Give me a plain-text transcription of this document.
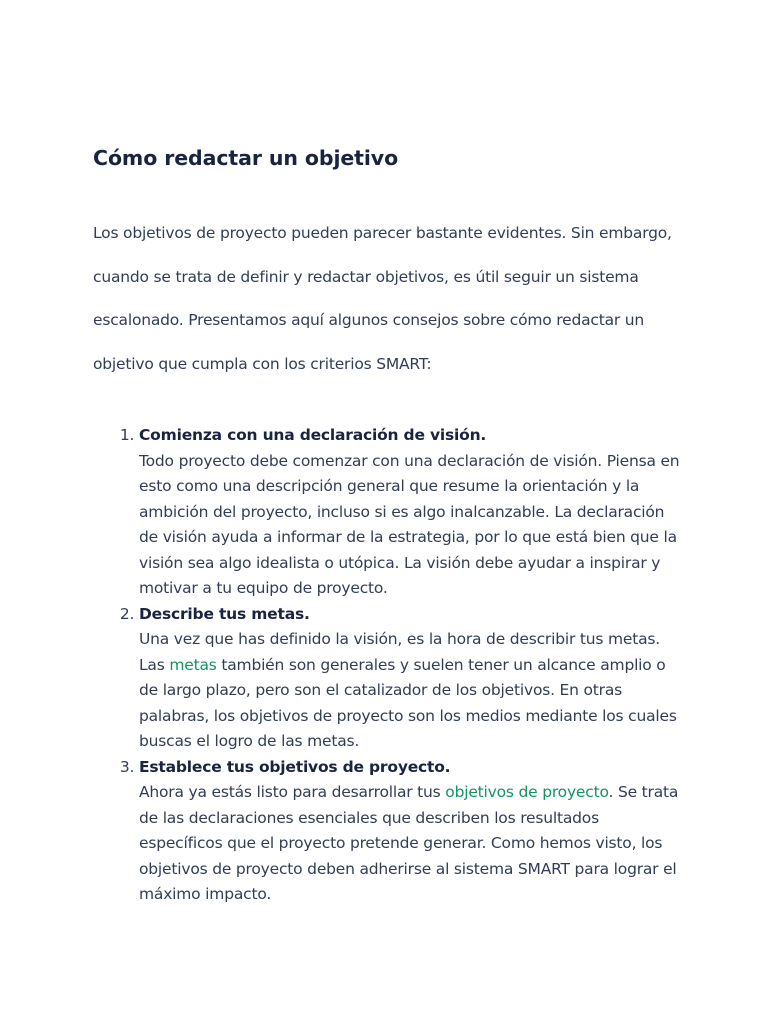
Cómo redactar un objetivo

Los objetivos de proyecto pueden parecer bastante evidentes. Sin embargo, cuando se trata de definir y redactar objetivos, es útil seguir un sistema escalonado. Presentamos aquí algunos consejos sobre cómo redactar un objetivo que cumpla con los criterios SMART:

1. Comienza con una declaración de visión.
Todo proyecto debe comenzar con una declaración de visión. Piensa en esto como una descripción general que resume la orientación y la ambición del proyecto, incluso si es algo inalcanzable. La declaración de visión ayuda a informar de la estrategia, por lo que está bien que la visión sea algo idealista o utópica. La visión debe ayudar a inspirar y motivar a tu equipo de proyecto.
2. Describe tus metas.
Una vez que has definido la visión, es la hora de describir tus metas. Las metas también son generales y suelen tener un alcance amplio o de largo plazo, pero son el catalizador de los objetivos. En otras palabras, los objetivos de proyecto son los medios mediante los cuales buscas el logro de las metas.
3. Establece tus objetivos de proyecto.
Ahora ya estás listo para desarrollar tus objetivos de proyecto. Se trata de las declaraciones esenciales que describen los resultados específicos que el proyecto pretende generar. Como hemos visto, los objetivos de proyecto deben adherirse al sistema SMART para lograr el máximo impacto.
